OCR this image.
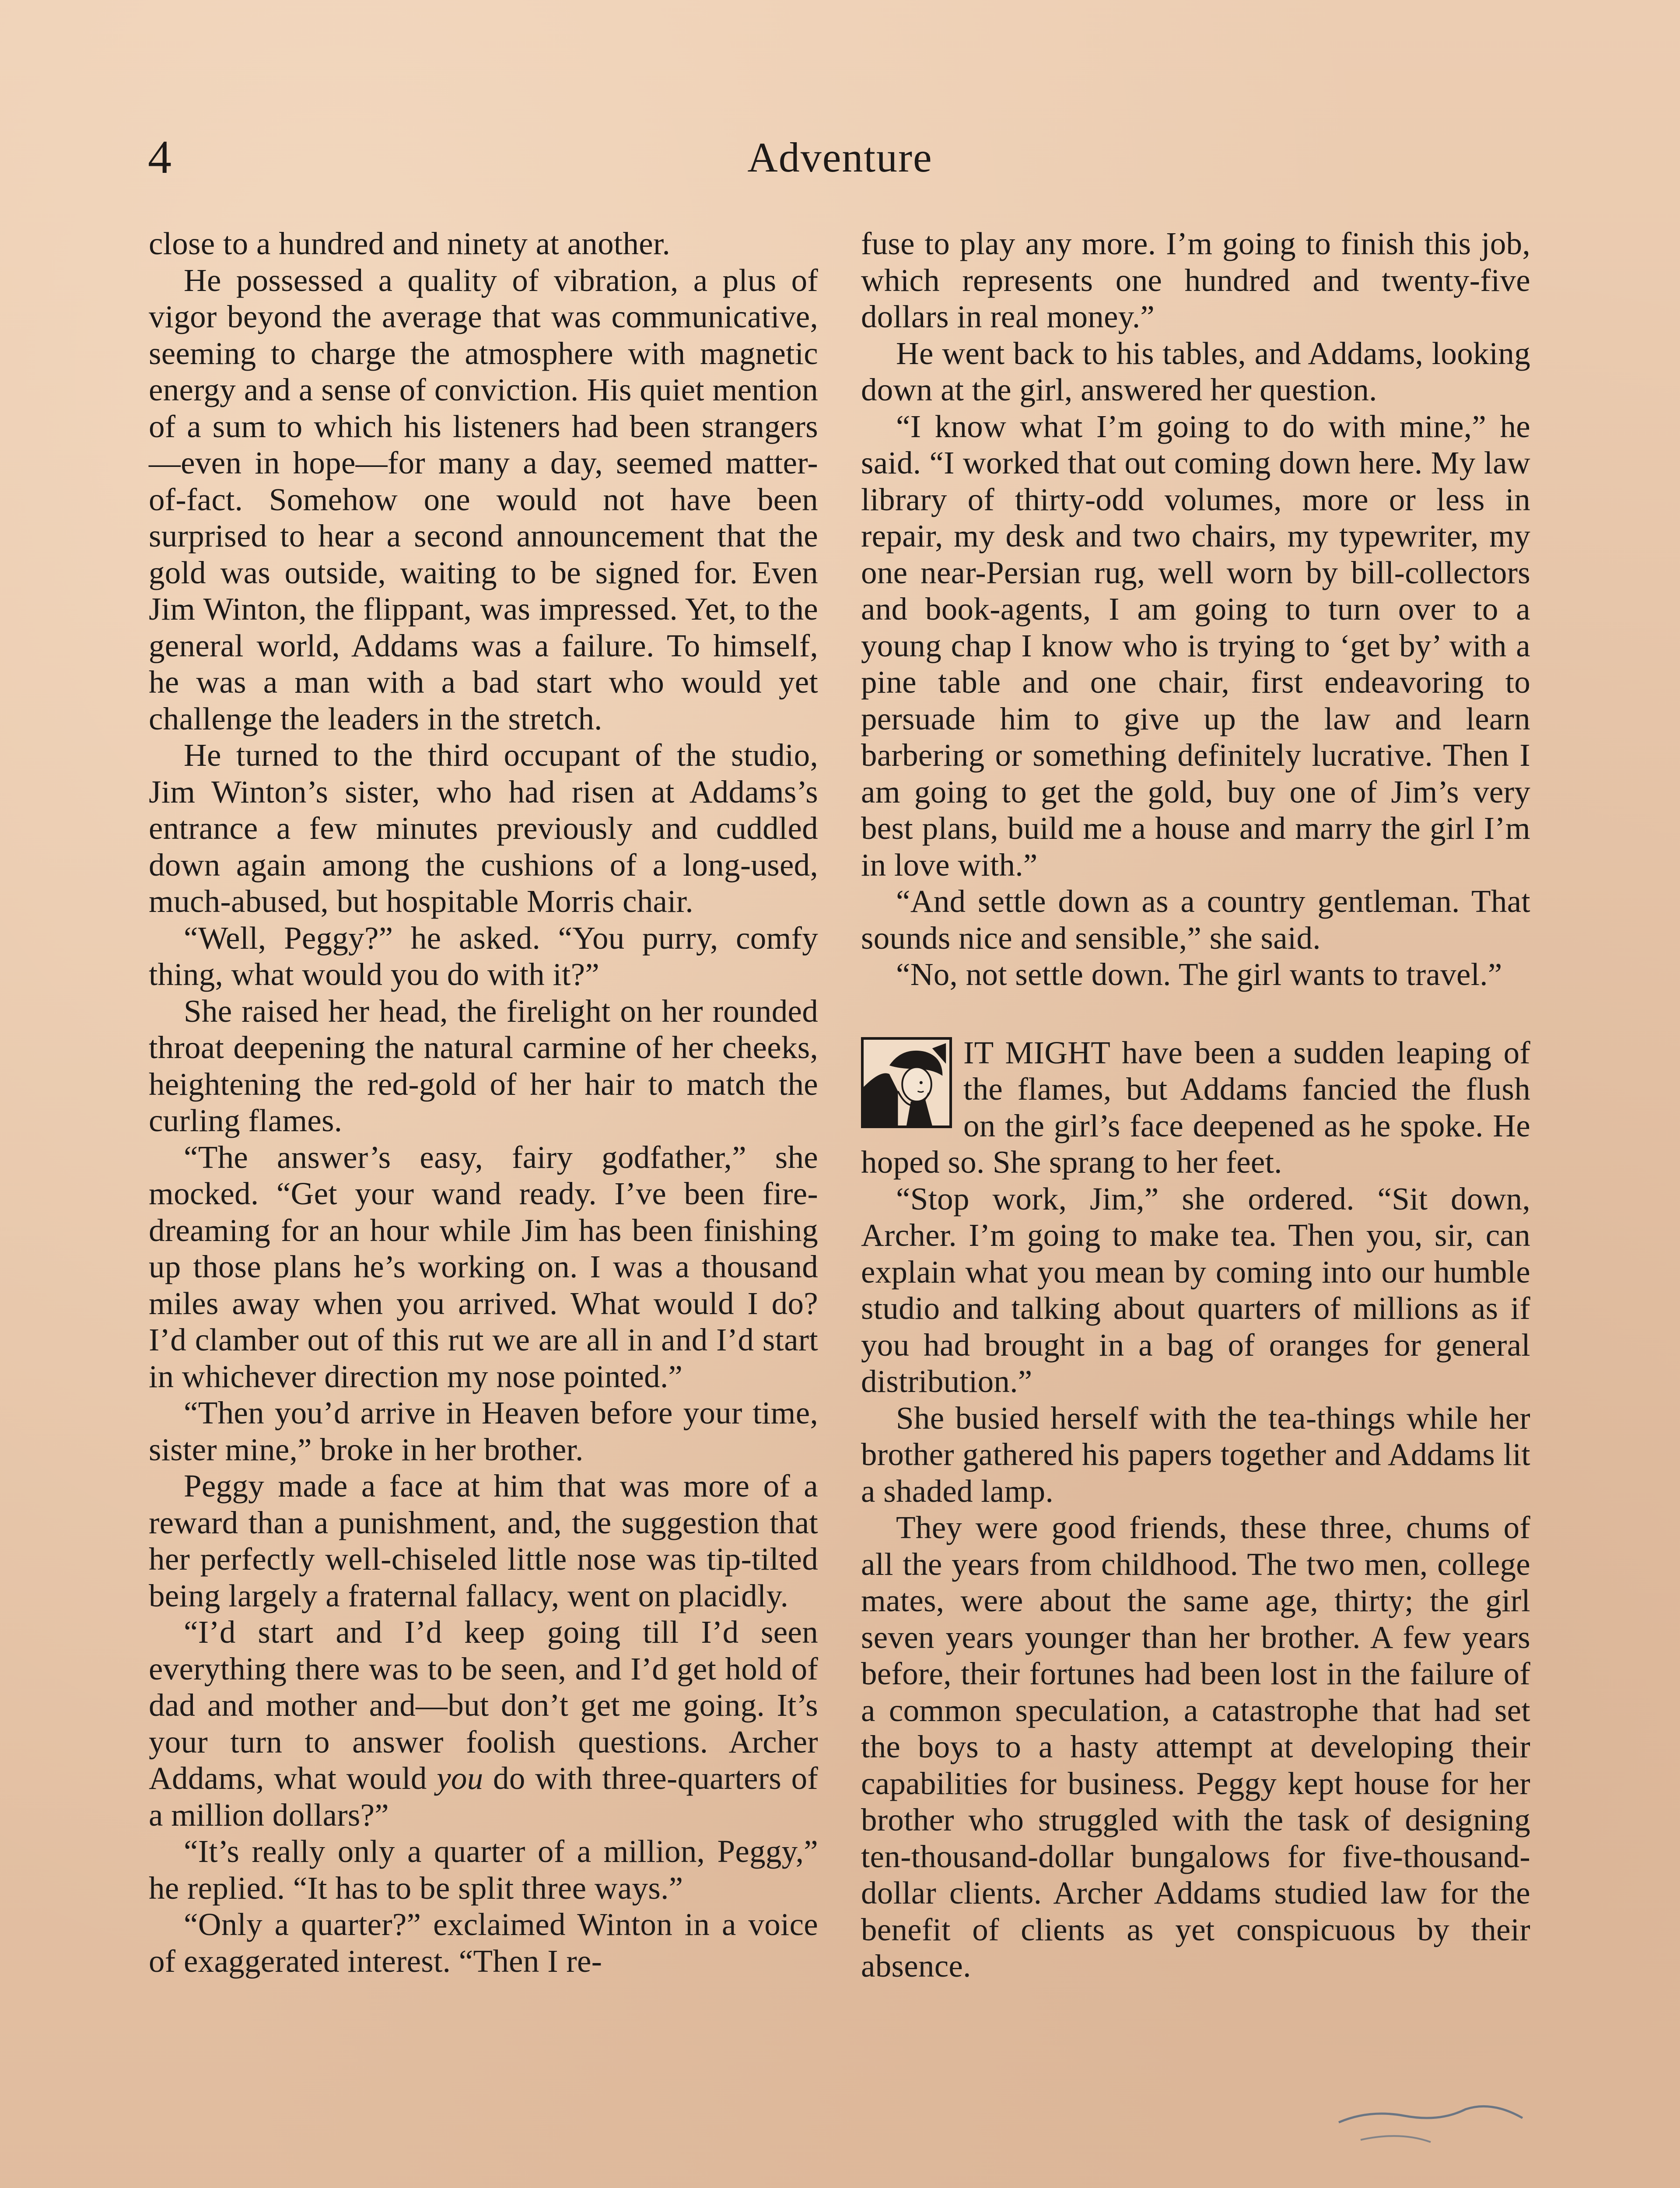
4	Adventure

close to a hundred and ninety at another.

He possessed a quality of vibration, a plus of vigor beyond the average that was communicative, seeming to charge the atmosphere with magnetic energy and a sense of conviction. His quiet mention of a sum to which his listeners had been strangers—even in hope—for many a day, seemed matter-of-fact. Somehow one would not have been surprised to hear a second announcement that the gold was outside, waiting to be signed for. Even Jim Winton, the flippant, was impressed. Yet, to the general world, Addams was a failure. To himself, he was a man with a bad start who would yet challenge the leaders in the stretch.

He turned to the third occupant of the studio, Jim Winton’s sister, who had risen at Addams’s entrance a few minutes previously and cuddled down again among the cushions of a long-used, much-abused, but hospitable Morris chair.

“Well, Peggy?” he asked. “You purry, comfy thing, what would you do with it?”

She raised her head, the firelight on her rounded throat deepening the natural carmine of her cheeks, heightening the red-gold of her hair to match the curling flames.

“The answer’s easy, fairy godfather,” she mocked. “Get your wand ready. I’ve been fire-dreaming for an hour while Jim has been finishing up those plans he’s working on. I was a thousand miles away when you arrived. What would I do? I’d clamber out of this rut we are all in and I’d start in whichever direction my nose pointed.”

“Then you’d arrive in Heaven before your time, sister mine,” broke in her brother.

Peggy made a face at him that was more of a reward than a punishment, and, the suggestion that her perfectly well-chiseled little nose was tip-tilted being largely a fraternal fallacy, went on placidly.

“I’d start and I’d keep going till I’d seen everything there was to be seen, and I’d get hold of dad and mother and—but don’t get me going. It’s your turn to answer foolish questions. Archer Addams, what would you do with three-quarters of a million dollars?”

“It’s really only a quarter of a million, Peggy,” he replied. “It has to be split three ways.”

“Only a quarter?” exclaimed Winton in a voice of exaggerated interest. “Then I re-

fuse to play any more. I’m going to finish this job, which represents one hundred and twenty-five dollars in real money.”

He went back to his tables, and Addams, looking down at the girl, answered her question.

“I know what I’m going to do with mine,” he said. “I worked that out coming down here. My law library of thirty-odd volumes, more or less in repair, my desk and two chairs, my typewriter, my one near-Persian rug, well worn by bill-collectors and book-agents, I am going to turn over to a young chap I know who is trying to ‘get by’ with a pine table and one chair, first endeavoring to persuade him to give up the law and learn barbering or something definitely lucrative. Then I am going to get the gold, buy one of Jim’s very best plans, build me a house and marry the girl I’m in love with.”

“And settle down as a country gentleman. That sounds nice and sensible,” she said.

“No, not settle down. The girl wants to travel.”

IT MIGHT have been a sudden leaping of the flames, but Addams fancied the flush on the girl’s face deepened as he spoke. He hoped so. She sprang to her feet.

“Stop work, Jim,” she ordered. “Sit down, Archer. I’m going to make tea. Then you, sir, can explain what you mean by coming into our humble studio and talking about quarters of millions as if you had brought in a bag of oranges for general distribution.”

She busied herself with the tea-things while her brother gathered his papers together and Addams lit a shaded lamp.

They were good friends, these three, chums of all the years from childhood. The two men, college mates, were about the same age, thirty; the girl seven years younger than her brother. A few years before, their fortunes had been lost in the failure of a common speculation, a catastrophe that had set the boys to a hasty attempt at developing their capabilities for business. Peggy kept house for her brother who struggled with the task of designing ten-thousand-dollar bungalows for five-thousand-dollar clients. Archer Addams studied law for the benefit of clients as yet conspicuous by their absence.
